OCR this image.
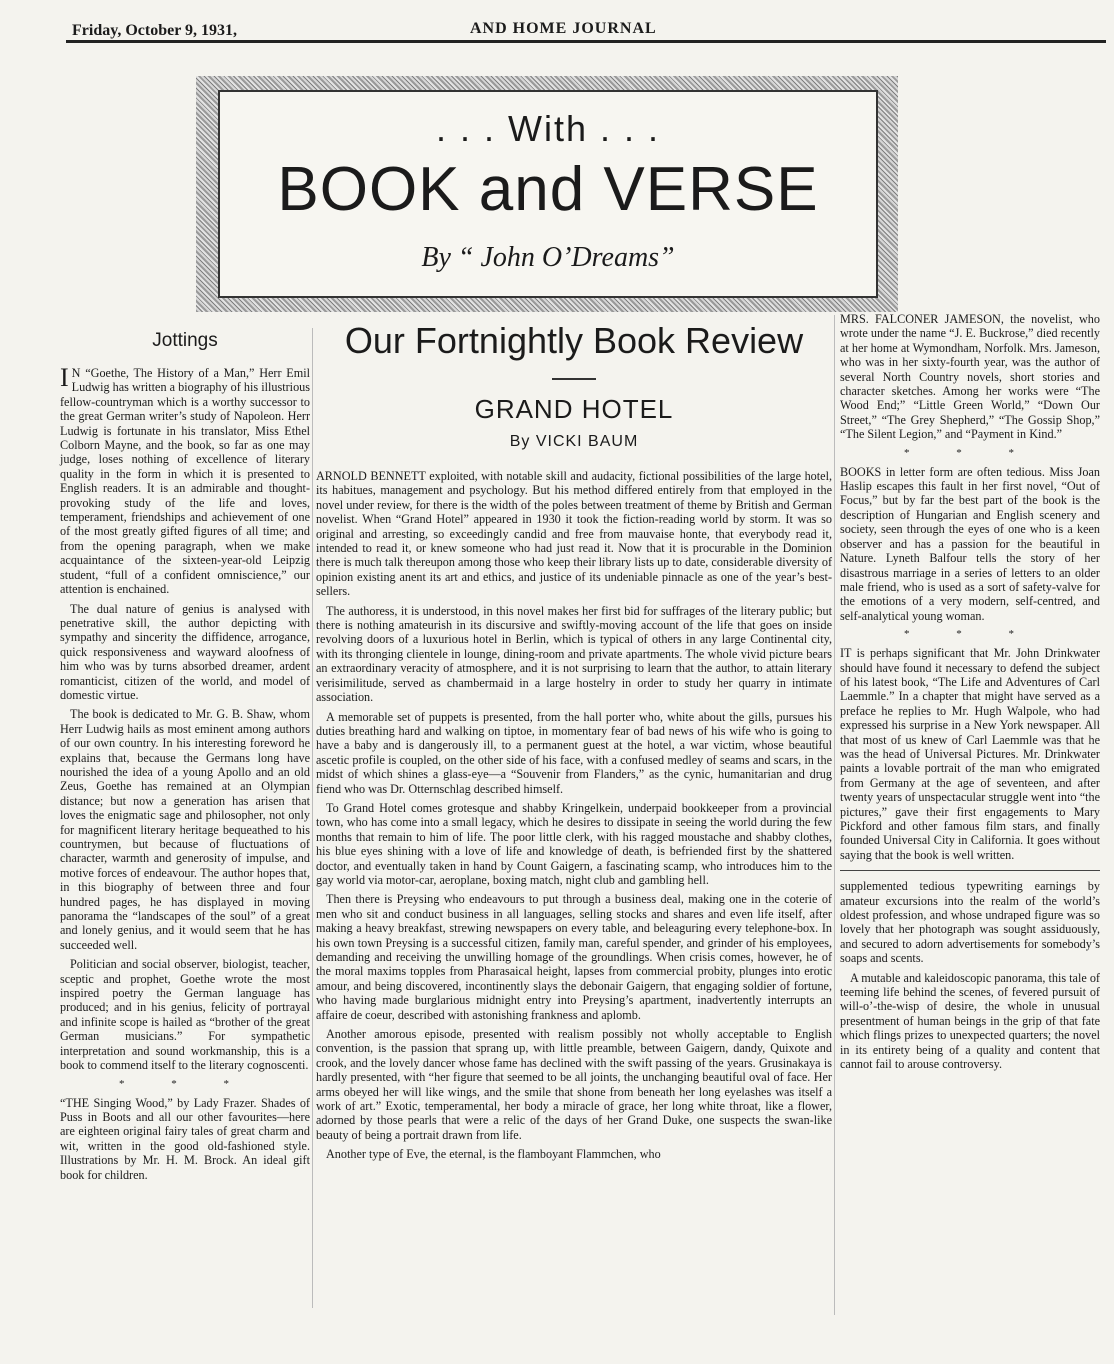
Friday, October 9, 1931,	AND HOME JOURNAL
. . . With . . .
BOOK and VERSE
By “ John O’Dreams”
Jottings

I N “Goethe, The History of a Man,” Herr Emil Ludwig has written a biography of his illustrious fellow-countryman which is a worthy successor to the great German writer’s study of Napoleon. Herr Ludwig is fortunate in his translator, Miss Ethel Colborn Mayne, and the book, so far as one may judge, loses nothing of excellence of literary quality in the form in which it is presented to English readers. It is an admirable and thought-provoking study of the life and loves, temperament, friendships and achievement of one of the most greatly gifted figures of all time; and from the opening paragraph, when we make acquaintance of the sixteen-year-old Leipzig student, “full of a confident omniscience,” our attention is enchained.

The dual nature of genius is analysed with penetrative skill, the author depicting with sympathy and sincerity the diffidence, arrogance, quick responsiveness and wayward aloofness of him who was by turns absorbed dreamer, ardent romanticist, citizen of the world, and model of domestic virtue.

The book is dedicated to Mr. G. B. Shaw, whom Herr Ludwig hails as most eminent among authors of our own country. In his interesting foreword he explains that, because the Germans long have nourished the idea of a young Apollo and an old Zeus, Goethe has remained at an Olympian distance; but now a generation has arisen that loves the enigmatic sage and philosopher, not only for magnificent literary heritage bequeathed to his countrymen, but because of fluctuations of character, warmth and generosity of impulse, and motive forces of endeavour. The author hopes that, in this biography of between three and four hundred pages, he has displayed in moving panorama the “landscapes of the soul” of a great and lonely genius, and it would seem that he has succeeded well.

Politician and social observer, biologist, teacher, sceptic and prophet, Goethe wrote the most inspired poetry the German language has produced; and in his genius, felicity of portrayal and infinite scope is hailed as “brother of the great German musicians.” For sympathetic interpretation and sound workmanship, this is a book to commend itself to the literary cognoscenti.

* * *

“THE Singing Wood,” by Lady Frazer. Shades of Puss in Boots and all our other favourites—here are eighteen original fairy tales of great charm and wit, written in the good old-fashioned style. Illustrations by Mr. H. M. Brock. An ideal gift book for children.

Our Fortnightly Book Review
GRAND HOTEL
By VICKI BAUM

ARNOLD BENNETT exploited, with notable skill and audacity, fictional possibilities of the large hotel, its habitues, management and psychology. But his method differed entirely from that employed in the novel under review, for there is the width of the poles between treatment of theme by British and German novelist. When “Grand Hotel” appeared in 1930 it took the fiction-reading world by storm. It was so original and arresting, so exceedingly candid and free from mauvaise honte, that everybody read it, intended to read it, or knew someone who had just read it. Now that it is procurable in the Dominion there is much talk thereupon among those who keep their library lists up to date, considerable diversity of opinion existing anent its art and ethics, and justice of its undeniable pinnacle as one of the year’s best-sellers.

The authoress, it is understood, in this novel makes her first bid for suffrages of the literary public; but there is nothing amateurish in its discursive and swiftly-moving account of the life that goes on inside revolving doors of a luxurious hotel in Berlin, which is typical of others in any large Continental city, with its thronging clientele in lounge, dining-room and private apartments. The whole vivid picture bears an extraordinary veracity of atmosphere, and it is not surprising to learn that the author, to attain literary verisimilitude, served as chambermaid in a large hostelry in order to study her quarry in intimate association.

A memorable set of puppets is presented, from the hall porter who, white about the gills, pursues his duties breathing hard and walking on tiptoe, in momentary fear of bad news of his wife who is going to have a baby and is dangerously ill, to a permanent guest at the hotel, a war victim, whose beautiful ascetic profile is coupled, on the other side of his face, with a confused medley of seams and scars, in the midst of which shines a glass-eye—a “Souvenir from Flanders,” as the cynic, humanitarian and drug fiend who was Dr. Otternschlag described himself.

To Grand Hotel comes grotesque and shabby Kringelkein, underpaid bookkeeper from a provincial town, who has come into a small legacy, which he desires to dissipate in seeing the world during the few months that remain to him of life. The poor little clerk, with his ragged moustache and shabby clothes, his blue eyes shining with a love of life and knowledge of death, is befriended first by the shattered doctor, and eventually taken in hand by Count Gaigern, a fascinating scamp, who introduces him to the gay world via motor-car, aeroplane, boxing match, night club and gambling hell.

Then there is Preysing who endeavours to put through a business deal, making one in the coterie of men who sit and conduct business in all languages, selling stocks and shares and even life itself, after making a heavy breakfast, strewing newspapers on every table, and beleaguring every telephone-box. In his own town Preysing is a successful citizen, family man, careful spender, and grinder of his employees, demanding and receiving the unwilling homage of the groundlings. When crisis comes, however, he of the moral maxims topples from Pharasaical height, lapses from commercial probity, plunges into erotic amour, and being discovered, incontinently slays the debonair Gaigern, that engaging soldier of fortune, who having made burglarious midnight entry into Preysing’s apartment, inadvertently interrupts an affaire de coeur, described with astonishing frankness and aplomb.

Another amorous episode, presented with realism possibly not wholly acceptable to English convention, is the passion that sprang up, with little preamble, between Gaigern, dandy, Quixote and crook, and the lovely dancer whose fame has declined with the swift passing of the years. Grusinakaya is hardly presented, with “her figure that seemed to be all joints, the unchanging beautiful oval of face. Her arms obeyed her will like wings, and the smile that shone from beneath her long eyelashes was itself a work of art.” Exotic, temperamental, her body a miracle of grace, her long white throat, like a flower, adorned by those pearls that were a relic of the days of her Grand Duke, one suspects the swan-like beauty of being a portrait drawn from life.

Another type of Eve, the eternal, is the flamboyant Flammchen, who

MRS. FALCONER JAMESON, the novelist, who wrote under the name “J. E. Buckrose,” died recently at her home at Wymondham, Norfolk. Mrs. Jameson, who was in her sixty-fourth year, was the author of several North Country novels, short stories and character sketches. Among her works were “The Wood End;” “Little Green World,” “Down Our Street,” “The Grey Shepherd,” “The Gossip Shop,” “The Silent Legion,” and “Payment in Kind.”

* * *

BOOKS in letter form are often tedious. Miss Joan Haslip escapes this fault in her first novel, “Out of Focus,” but by far the best part of the book is the description of Hungarian and English scenery and society, seen through the eyes of one who is a keen observer and has a passion for the beautiful in Nature. Lyneth Balfour tells the story of her disastrous marriage in a series of letters to an older male friend, who is used as a sort of safety-valve for the emotions of a very modern, self-centred, and self-analytical young woman.

* * *

IT is perhaps significant that Mr. John Drinkwater should have found it necessary to defend the subject of his latest book, “The Life and Adventures of Carl Laemmle.” In a chapter that might have served as a preface he replies to Mr. Hugh Walpole, who had expressed his surprise in a New York newspaper. All that most of us knew of Carl Laemmle was that he was the head of Universal Pictures. Mr. Drinkwater paints a lovable portrait of the man who emigrated from Germany at the age of seventeen, and after twenty years of unspectacular struggle went into “the pictures,” gave their first engagements to Mary Pickford and other famous film stars, and finally founded Universal City in California. It goes without saying that the book is well written.

supplemented tedious typewriting earnings by amateur excursions into the realm of the world’s oldest profession, and whose undraped figure was so lovely that her photograph was sought assiduously, and secured to adorn advertisements for somebody’s soaps and scents.

A mutable and kaleidoscopic panorama, this tale of teeming life behind the scenes, of fevered pursuit of will-o’-the-wisp of desire, the whole in unusual presentment of human beings in the grip of that fate which flings prizes to unexpected quarters; the novel in its entirety being of a quality and content that cannot fail to arouse controversy.
